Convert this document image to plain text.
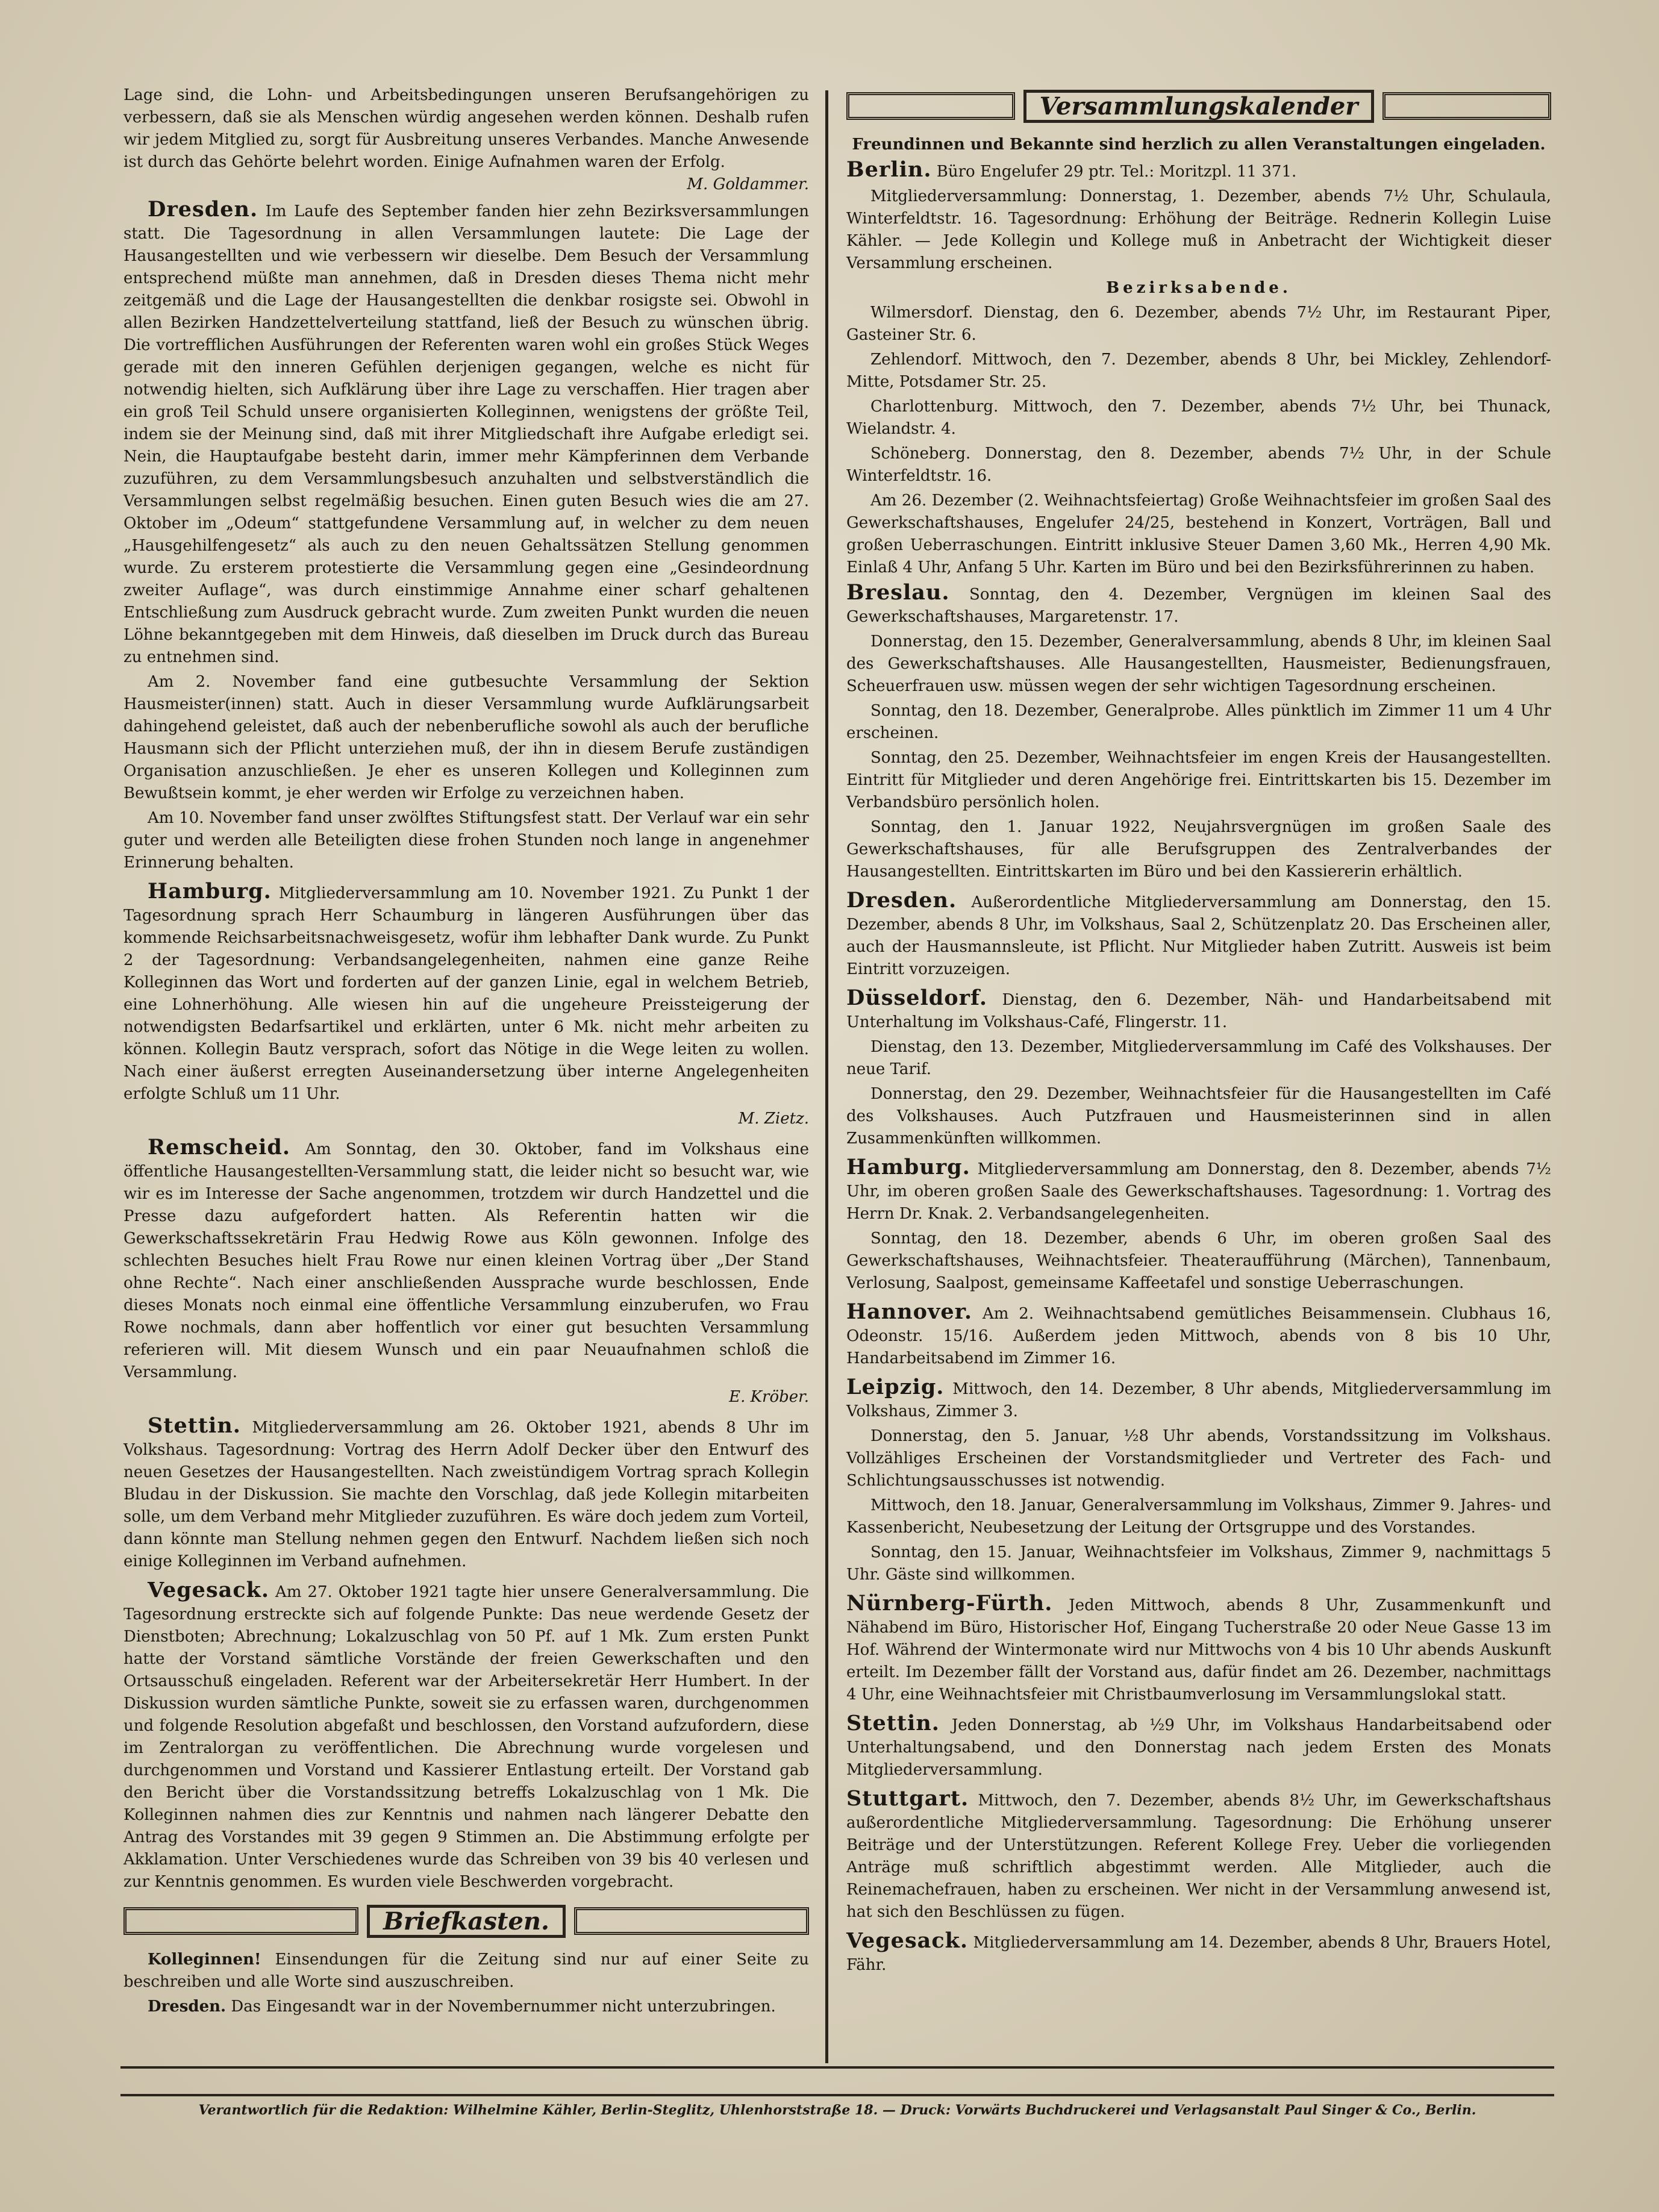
Lage sind, die Lohn- und Arbeitsbedingungen unseren Berufsangehörigen zu verbessern, daß sie als Menschen würdig angesehen werden können. Deshalb rufen wir jedem Mitglied zu, sorgt für Ausbreitung unseres Verbandes. Manche Anwesende ist durch das Gehörte belehrt worden. Einige Aufnahmen waren der Erfolg.
M. Goldammer.

Dresden. Im Laufe des September fanden hier zehn Bezirksversammlungen statt. Die Tagesordnung in allen Versammlungen lautete: Die Lage der Hausangestellten und wie verbessern wir dieselbe. Dem Besuch der Versammlung entsprechend müßte man annehmen, daß in Dresden dieses Thema nicht mehr zeitgemäß und die Lage der Hausangestellten die denkbar rosigste sei. Obwohl in allen Bezirken Handzettelverteilung stattfand, ließ der Besuch zu wünschen übrig. Die vortrefflichen Ausführungen der Referenten waren wohl ein großes Stück Weges gerade mit den inneren Gefühlen derjenigen gegangen, welche es nicht für notwendig hielten, sich Aufklärung über ihre Lage zu verschaffen. Hier tragen aber ein groß Teil Schuld unsere organisierten Kolleginnen, wenigstens der größte Teil, indem sie der Meinung sind, daß mit ihrer Mitgliedschaft ihre Aufgabe erledigt sei. Nein, die Hauptaufgabe besteht darin, immer mehr Kämpferinnen dem Verbande zuzuführen, zu dem Versammlungsbesuch anzuhalten und selbstverständlich die Versammlungen selbst regelmäßig besuchen. Einen guten Besuch wies die am 27. Oktober im „Odeum“ stattgefundene Versammlung auf, in welcher zu dem neuen „Hausgehilfengesetz“ als auch zu den neuen Gehaltssätzen Stellung genommen wurde. Zu ersterem protestierte die Versammlung gegen eine „Gesindeordnung zweiter Auflage“, was durch einstimmige Annahme einer scharf gehaltenen Entschließung zum Ausdruck gebracht wurde. Zum zweiten Punkt wurden die neuen Löhne bekanntgegeben mit dem Hinweis, daß dieselben im Druck durch das Bureau zu entnehmen sind.

Am 2. November fand eine gutbesuchte Versammlung der Sektion Hausmeister(innen) statt. Auch in dieser Versammlung wurde Aufklärungsarbeit dahingehend geleistet, daß auch der nebenberufliche sowohl als auch der berufliche Hausmann sich der Pflicht unterziehen muß, der ihn in diesem Berufe zuständigen Organisation anzuschließen. Je eher es unseren Kollegen und Kolleginnen zum Bewußtsein kommt, je eher werden wir Erfolge zu verzeichnen haben.

Am 10. November fand unser zwölftes Stiftungsfest statt. Der Verlauf war ein sehr guter und werden alle Beteiligten diese frohen Stunden noch lange in angenehmer Erinnerung behalten.

Hamburg. Mitgliederversammlung am 10. November 1921. Zu Punkt 1 der Tagesordnung sprach Herr Schaumburg in längeren Ausführungen über das kommende Reichsarbeitsnachweisgesetz, wofür ihm lebhafter Dank wurde. Zu Punkt 2 der Tagesordnung: Verbandsangelegenheiten, nahmen eine ganze Reihe Kolleginnen das Wort und forderten auf der ganzen Linie, egal in welchem Betrieb, eine Lohnerhöhung. Alle wiesen hin auf die ungeheure Preissteigerung der notwendigsten Bedarfsartikel und erklärten, unter 6 Mk. nicht mehr arbeiten zu können. Kollegin Bautz versprach, sofort das Nötige in die Wege leiten zu wollen. Nach einer äußerst erregten Auseinandersetzung über interne Angelegenheiten erfolgte Schluß um 11 Uhr.

M. Zietz.

Remscheid. Am Sonntag, den 30. Oktober, fand im Volkshaus eine öffentliche Hausangestellten-Versammlung statt, die leider nicht so besucht war, wie wir es im Interesse der Sache angenommen, trotzdem wir durch Handzettel und die Presse dazu aufgefordert hatten. Als Referentin hatten wir die Gewerkschaftssekretärin Frau Hedwig Rowe aus Köln gewonnen. Infolge des schlechten Besuches hielt Frau Rowe nur einen kleinen Vortrag über „Der Stand ohne Rechte“. Nach einer anschließenden Aussprache wurde beschlossen, Ende dieses Monats noch einmal eine öffentliche Versammlung einzuberufen, wo Frau Rowe nochmals, dann aber hoffentlich vor einer gut besuchten Versammlung referieren will. Mit diesem Wunsch und ein paar Neuaufnahmen schloß die Versammlung.

E. Kröber.

Stettin. Mitgliederversammlung am 26. Oktober 1921, abends 8 Uhr im Volkshaus. Tagesordnung: Vortrag des Herrn Adolf Decker über den Entwurf des neuen Gesetzes der Hausangestellten. Nach zweistündigem Vortrag sprach Kollegin Bludau in der Diskussion. Sie machte den Vorschlag, daß jede Kollegin mitarbeiten solle, um dem Verband mehr Mitglieder zuzuführen. Es wäre doch jedem zum Vorteil, dann könnte man Stellung nehmen gegen den Entwurf. Nachdem ließen sich noch einige Kolleginnen im Verband aufnehmen.

Vegesack. Am 27. Oktober 1921 tagte hier unsere Generalversammlung. Die Tagesordnung erstreckte sich auf folgende Punkte: Das neue werdende Gesetz der Dienstboten; Abrechnung; Lokalzuschlag von 50 Pf. auf 1 Mk. Zum ersten Punkt hatte der Vorstand sämtliche Vorstände der freien Gewerkschaften und den Ortsausschuß eingeladen. Referent war der Arbeitersekretär Herr Humbert. In der Diskussion wurden sämtliche Punkte, soweit sie zu erfassen waren, durchgenommen und folgende Resolution abgefaßt und beschlossen, den Vorstand aufzufordern, diese im Zentralorgan zu veröffentlichen. Die Abrechnung wurde vorgelesen und durchgenommen und Vorstand und Kassierer Entlastung erteilt. Der Vorstand gab den Bericht über die Vorstandssitzung betreffs Lokalzuschlag von 1 Mk. Die Kolleginnen nahmen dies zur Kenntnis und nahmen nach längerer Debatte den Antrag des Vorstandes mit 39 gegen 9 Stimmen an. Die Abstimmung erfolgte per Akklamation. Unter Verschiedenes wurde das Schreiben von 39 bis 40 verlesen und zur Kenntnis genommen. Es wurden viele Beschwerden vorgebracht.

Briefkasten.

Kolleginnen! Einsendungen für die Zeitung sind nur auf einer Seite zu beschreiben und alle Worte sind auszuschreiben.

Dresden. Das Eingesandt war in der Novembernummer nicht unterzubringen.

Versammlungskalender

Freundinnen und Bekannte sind herzlich zu allen Veranstaltungen eingeladen.

Berlin. Büro Engelufer 29 ptr. Tel.: Moritzpl. 11 371.

Mitgliederversammlung: Donnerstag, 1. Dezember, abends 7½ Uhr, Schulaula, Winterfeldtstr. 16. Tagesordnung: Erhöhung der Beiträge. Rednerin Kollegin Luise Kähler. — Jede Kollegin und Kollege muß in Anbetracht der Wichtigkeit dieser Versammlung erscheinen.

Bezirksabende.

Wilmersdorf. Dienstag, den 6. Dezember, abends 7½ Uhr, im Restaurant Piper, Gasteiner Str. 6.

Zehlendorf. Mittwoch, den 7. Dezember, abends 8 Uhr, bei Mickley, Zehlendorf-Mitte, Potsdamer Str. 25.

Charlottenburg. Mittwoch, den 7. Dezember, abends 7½ Uhr, bei Thunack, Wielandstr. 4.

Schöneberg. Donnerstag, den 8. Dezember, abends 7½ Uhr, in der Schule Winterfeldtstr. 16.

Am 26. Dezember (2. Weihnachtsfeiertag) Große Weihnachtsfeier im großen Saal des Gewerkschaftshauses, Engelufer 24/25, bestehend in Konzert, Vorträgen, Ball und großen Ueberraschungen. Eintritt inklusive Steuer Damen 3,60 Mk., Herren 4,90 Mk. Einlaß 4 Uhr, Anfang 5 Uhr. Karten im Büro und bei den Bezirksführerinnen zu haben.

Breslau. Sonntag, den 4. Dezember, Vergnügen im kleinen Saal des Gewerkschaftshauses, Margaretenstr. 17.

Donnerstag, den 15. Dezember, Generalversammlung, abends 8 Uhr, im kleinen Saal des Gewerkschaftshauses. Alle Hausangestellten, Hausmeister, Bedienungsfrauen, Scheuerfrauen usw. müssen wegen der sehr wichtigen Tagesordnung erscheinen.

Sonntag, den 18. Dezember, Generalprobe. Alles pünktlich im Zimmer 11 um 4 Uhr erscheinen.

Sonntag, den 25. Dezember, Weihnachtsfeier im engen Kreis der Hausangestellten. Eintritt für Mitglieder und deren Angehörige frei. Eintrittskarten bis 15. Dezember im Verbandsbüro persönlich holen.

Sonntag, den 1. Januar 1922, Neujahrsvergnügen im großen Saale des Gewerkschaftshauses, für alle Berufsgruppen des Zentralverbandes der Hausangestellten. Eintrittskarten im Büro und bei den Kassiererin erhältlich.

Dresden. Außerordentliche Mitgliederversammlung am Donnerstag, den 15. Dezember, abends 8 Uhr, im Volkshaus, Saal 2, Schützenplatz 20. Das Erscheinen aller, auch der Hausmannsleute, ist Pflicht. Nur Mitglieder haben Zutritt. Ausweis ist beim Eintritt vorzuzeigen.

Düsseldorf. Dienstag, den 6. Dezember, Näh- und Handarbeitsabend mit Unterhaltung im Volkshaus-Café, Flingerstr. 11.

Dienstag, den 13. Dezember, Mitgliederversammlung im Café des Volkshauses. Der neue Tarif.

Donnerstag, den 29. Dezember, Weihnachtsfeier für die Hausangestellten im Café des Volkshauses. Auch Putzfrauen und Hausmeisterinnen sind in allen Zusammenkünften willkommen.

Hamburg. Mitgliederversammlung am Donnerstag, den 8. Dezember, abends 7½ Uhr, im oberen großen Saale des Gewerkschaftshauses. Tagesordnung: 1. Vortrag des Herrn Dr. Knak. 2. Verbandsangelegenheiten.

Sonntag, den 18. Dezember, abends 6 Uhr, im oberen großen Saal des Gewerkschaftshauses, Weihnachtsfeier. Theateraufführung (Märchen), Tannenbaum, Verlosung, Saalpost, gemeinsame Kaffeetafel und sonstige Ueberraschungen.

Hannover. Am 2. Weihnachtsabend gemütliches Beisammensein. Clubhaus 16, Odeonstr. 15/16. Außerdem jeden Mittwoch, abends von 8 bis 10 Uhr, Handarbeitsabend im Zimmer 16.

Leipzig. Mittwoch, den 14. Dezember, 8 Uhr abends, Mitgliederversammlung im Volkshaus, Zimmer 3.

Donnerstag, den 5. Januar, ½8 Uhr abends, Vorstandssitzung im Volkshaus. Vollzähliges Erscheinen der Vorstandsmitglieder und Vertreter des Fach- und Schlichtungsausschusses ist notwendig.

Mittwoch, den 18. Januar, Generalversammlung im Volkshaus, Zimmer 9. Jahres- und Kassenbericht, Neubesetzung der Leitung der Ortsgruppe und des Vorstandes.

Sonntag, den 15. Januar, Weihnachtsfeier im Volkshaus, Zimmer 9, nachmittags 5 Uhr. Gäste sind willkommen.

Nürnberg-Fürth. Jeden Mittwoch, abends 8 Uhr, Zusammenkunft und Nähabend im Büro, Historischer Hof, Eingang Tucherstraße 20 oder Neue Gasse 13 im Hof. Während der Wintermonate wird nur Mittwochs von 4 bis 10 Uhr abends Auskunft erteilt. Im Dezember fällt der Vorstand aus, dafür findet am 26. Dezember, nachmittags 4 Uhr, eine Weihnachtsfeier mit Christbaumverlosung im Versammlungslokal statt.

Stettin. Jeden Donnerstag, ab ½9 Uhr, im Volkshaus Handarbeitsabend oder Unterhaltungsabend, und den Donnerstag nach jedem Ersten des Monats Mitgliederversammlung.

Stuttgart. Mittwoch, den 7. Dezember, abends 8½ Uhr, im Gewerkschaftshaus außerordentliche Mitgliederversammlung. Tagesordnung: Die Erhöhung unserer Beiträge und der Unterstützungen. Referent Kollege Frey. Ueber die vorliegenden Anträge muß schriftlich abgestimmt werden. Alle Mitglieder, auch die Reinemachefrauen, haben zu erscheinen. Wer nicht in der Versammlung anwesend ist, hat sich den Beschlüssen zu fügen.

Vegesack. Mitgliederversammlung am 14. Dezember, abends 8 Uhr, Brauers Hotel, Fähr.

Verantwortlich für die Redaktion: Wilhelmine Kähler, Berlin-Steglitz, Uhlenhorststraße 18. — Druck: Vorwärts Buchdruckerei und Verlagsanstalt Paul Singer & Co., Berlin.
